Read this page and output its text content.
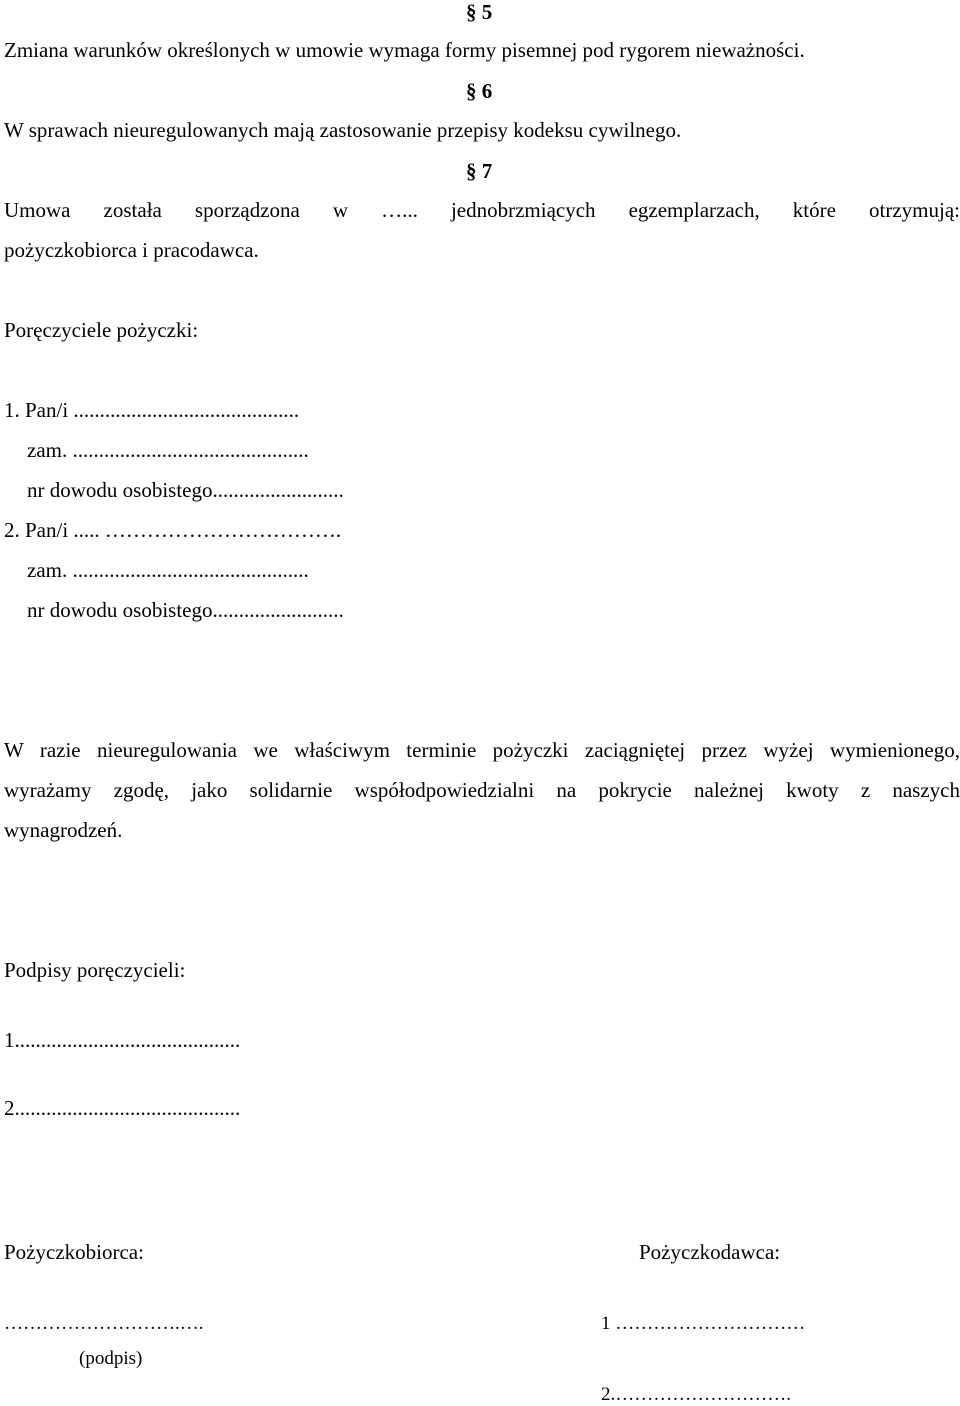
§ 5
Zmiana warunków określonych w umowie wymaga formy pisemnej pod rygorem nieważności.
§ 6
W sprawach nieuregulowanych mają zastosowanie przepisy kodeksu cywilnego.
§ 7
Umowa została sporządzona w …... jednobrzmiących egzemplarzach, które otrzymują:
pożyczkobiorca i pracodawca.
Poręczyciele pożyczki:
1. Pan/i ...........................................
zam. .............................................
nr dowodu osobistego.........................
2. Pan/i ..... …………………………….
zam. .............................................
nr dowodu osobistego.........................
W razie nieuregulowania we właściwym terminie pożyczki zaciągniętej przez wyżej wymienionego,
wyrażamy zgodę, jako solidarnie współodpowiedzialni na pokrycie należnej kwoty z naszych
wynagrodzeń.
Podpisy poręczycieli:
1...........................................
2...........................................
Pożyczkobiorca:	Pożyczkodawca:
……………………….….	1 …………………………
(podpis)
2.……………………….
